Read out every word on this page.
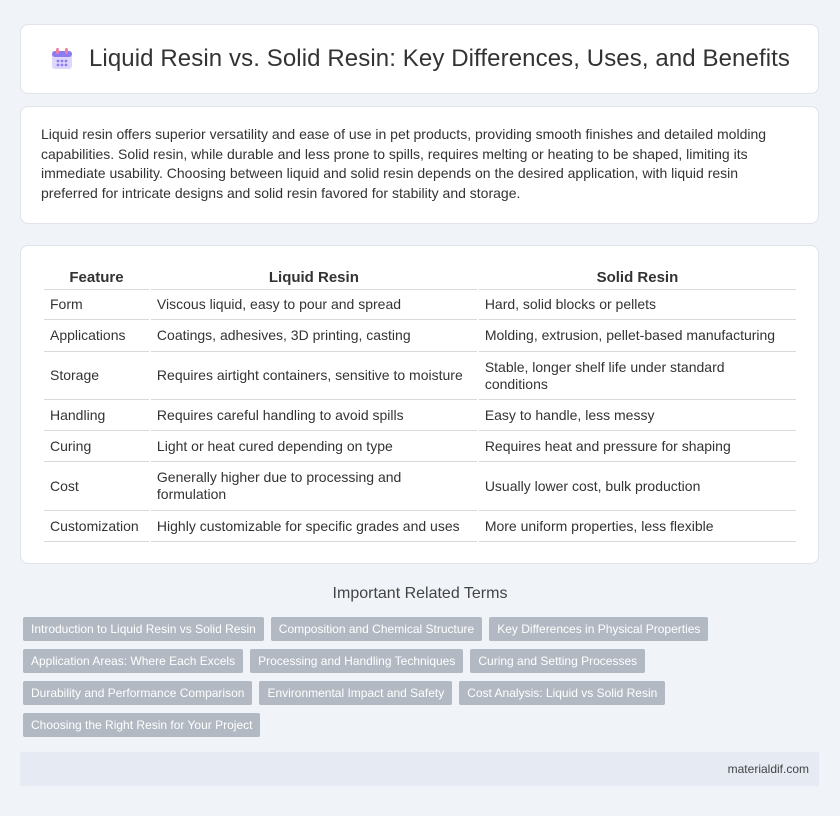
Liquid Resin vs. Solid Resin: Key Differences, Uses, and Benefits

Liquid resin offers superior versatility and ease of use in pet products, providing smooth finishes and detailed molding capabilities. Solid resin, while durable and less prone to spills, requires melting or heating to be shaped, limiting its immediate usability. Choosing between liquid and solid resin depends on the desired application, with liquid resin preferred for intricate designs and solid resin favored for stability and storage.

Feature	Liquid Resin	Solid Resin
Form	Viscous liquid, easy to pour and spread	Hard, solid blocks or pellets
Applications	Coatings, adhesives, 3D printing, casting	Molding, extrusion, pellet-based manufacturing
Storage	Requires airtight containers, sensitive to moisture	Stable, longer shelf life under standard conditions
Handling	Requires careful handling to avoid spills	Easy to handle, less messy
Curing	Light or heat cured depending on type	Requires heat and pressure for shaping
Cost	Generally higher due to processing and formulation	Usually lower cost, bulk production
Customization	Highly customizable for specific grades and uses	More uniform properties, less flexible
Important Related Terms
Introduction to Liquid Resin vs Solid Resin	Composition and Chemical Structure	Key Differences in Physical Properties
Application Areas: Where Each Excels	Processing and Handling Techniques	Curing and Setting Processes
Durability and Performance Comparison	Environmental Impact and Safety	Cost Analysis: Liquid vs Solid Resin
Choosing the Right Resin for Your Project
materialdif.com
